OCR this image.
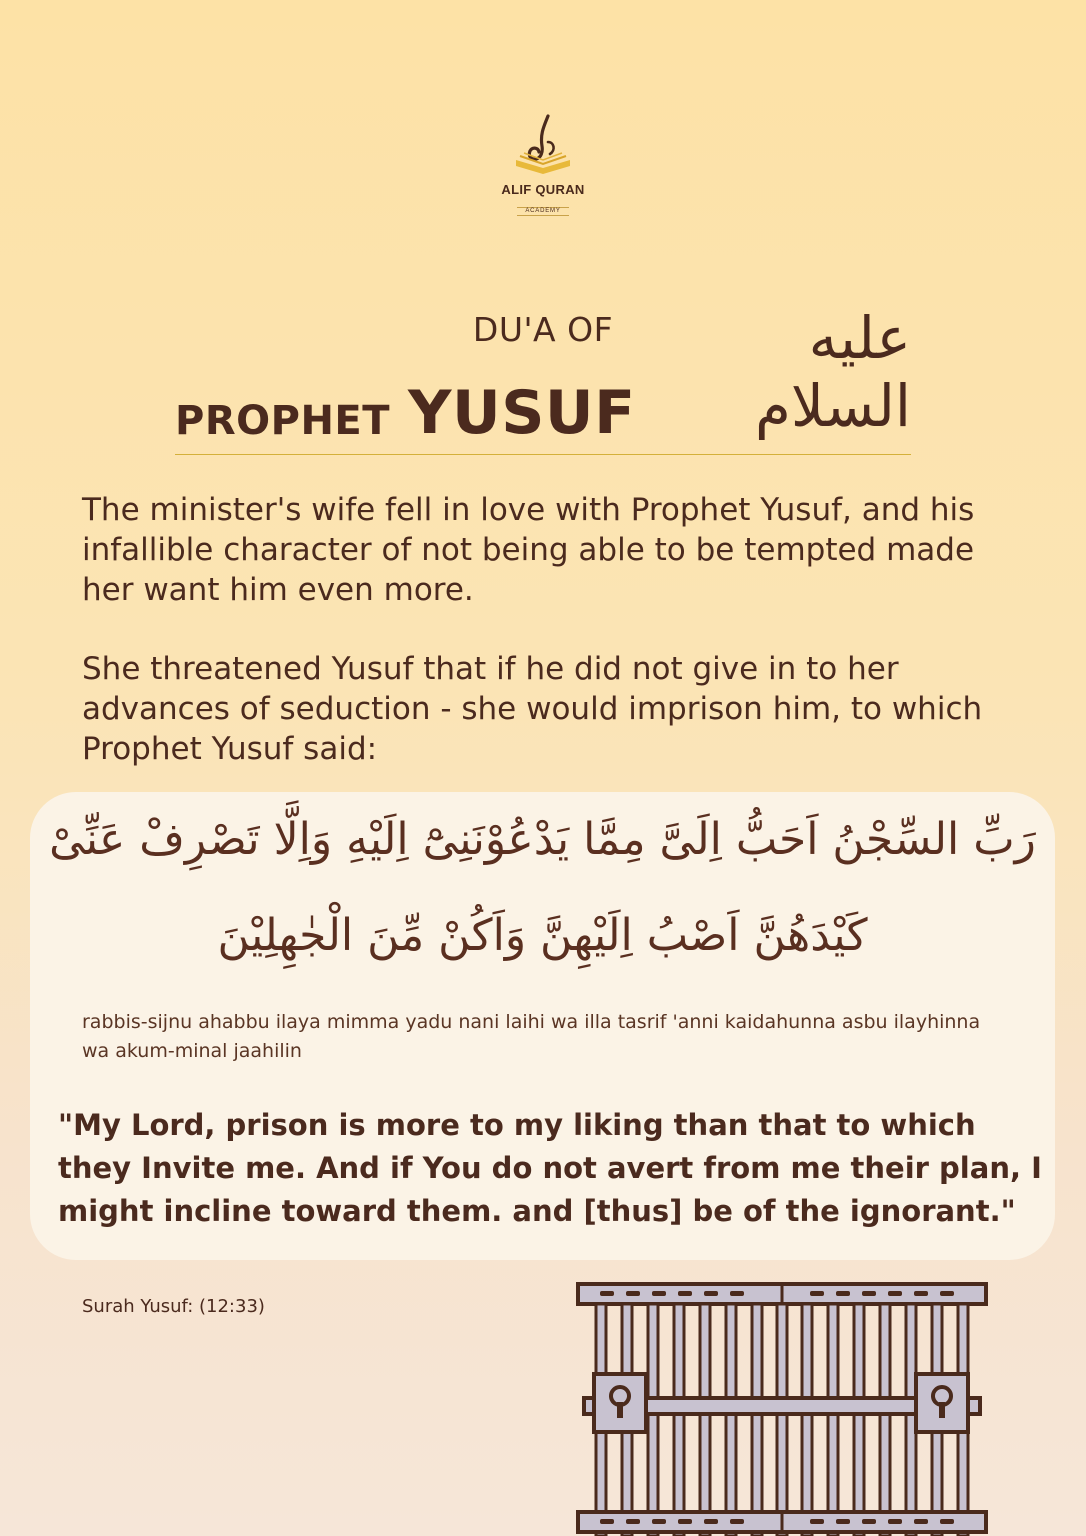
ALIF QURAN
ACADEMY
DU'A OF
PROPHET YUSUF
عليه السلام

The minister's wife fell in love with Prophet Yusuf, and his infallible character of not being able to be tempted made her want him even more.

She threatened Yusuf that if he did not give in to her advances of seduction - she would imprison him, to which Prophet Yusuf said:

رَبِّ السِّجْنُ اَحَبُّ اِلَىَّ مِمَّا يَدْعُوْنَنِىْٓ اِلَيْهِ وَاِلَّا تَصْرِفْ عَنِّىْ
كَيْدَهُنَّ اَصْبُ اِلَيْهِنَّ وَاَكُنْ مِّنَ الْجٰهِلِيْنَ

rabbis-sijnu ahabbu ilaya mimma yadu nani laihi wa illa tasrif 'anni kaidahunna asbu ilayhinna wa akum-minal jaahilin

"My Lord, prison is more to my liking than that to which they Invite me. And if You do not avert from me their plan, I might incline toward them. and [thus] be of the ignorant."

Surah Yusuf: (12:33)
